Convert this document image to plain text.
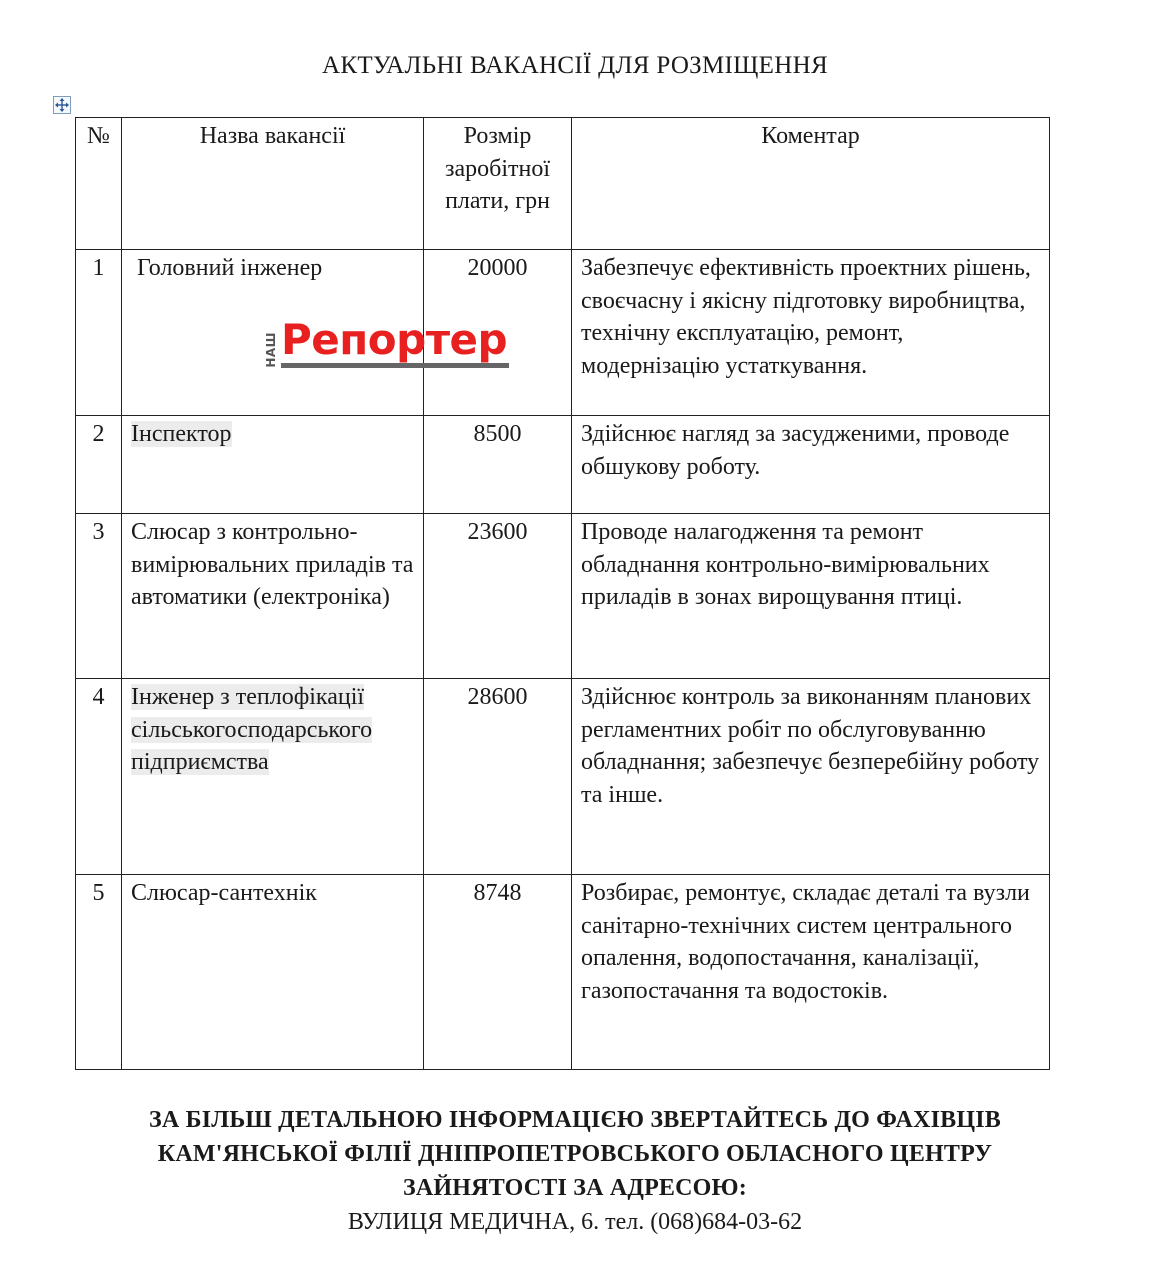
АКТУАЛЬНІ ВАКАНСІЇ ДЛЯ РОЗМІЩЕННЯ
№	Назва вакансії	Розмір заробітної плати, грн	Коментар
1	Головний інженер	20000	Забезпечує ефективність проектних рішень, своєчасну і якісну підготовку виробництва, технічну експлуатацію, ремонт, модернізацію устаткування.
2	Інспектор	8500	Здійснює нагляд за засудженими, проводе обшукову роботу.
3	Слюсар з контрольно-вимірювальних приладів та автоматики (електроніка)	23600	Проводе налагодження та ремонт обладнання контрольно-вимірювальних приладів в зонах вирощування птиці.
4	Інженер з теплофікації сільськогосподарського підприємства	28600	Здійснює контроль за виконанням планових регламентних робіт по обслуговуванню обладнання; забезпечує безперебійну роботу та інше.
5	Слюсар-сантехнік	8748	Розбирає, ремонтує, складає деталі та вузли санітарно-технічних систем центрального опалення, водопостачання, каналізації, газопостачання та водостоків.
НАШ Репортер
ЗА БІЛЬШ ДЕТАЛЬНОЮ ІНФОРМАЦІЄЮ ЗВЕРТАЙТЕСЬ ДО ФАХІВЦІВ
КАМ'ЯНСЬКОЇ ФІЛІЇ ДНІПРОПЕТРОВСЬКОГО ОБЛАСНОГО ЦЕНТРУ
ЗАЙНЯТОСТІ ЗА АДРЕСОЮ:
ВУЛИЦЯ МЕДИЧНА, 6. тел. (068)684-03-62
